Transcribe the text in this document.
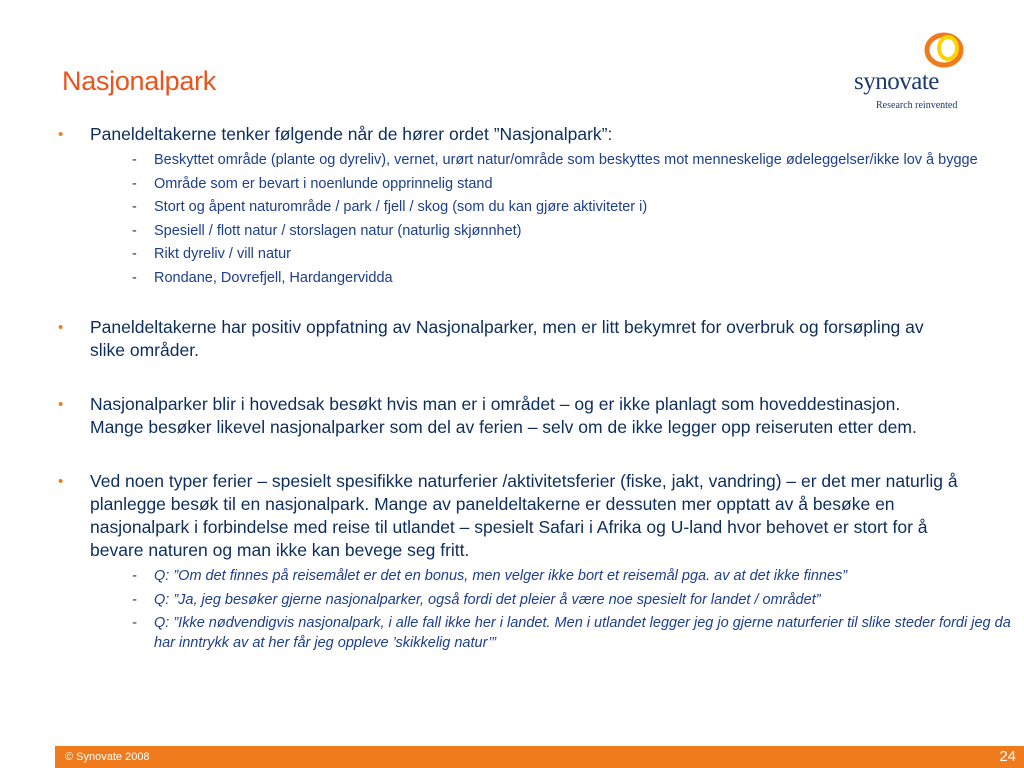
Nasjonalpark	synovate
Research reinvented
• Paneldeltakerne tenker følgende når de hører ordet ”Nasjonalpark”:
- Beskyttet område (plante og dyreliv), vernet, urørt natur/område som beskyttes mot menneskelige ødeleggelser/ikke lov å bygge
- Område som er bevart i noenlunde opprinnelig stand
- Stort og åpent naturområde / park / fjell / skog (som du kan gjøre aktiviteter i)
- Spesiell / flott natur / storslagen natur (naturlig skjønnhet)
- Rikt dyreliv / vill natur
- Rondane, Dovrefjell, Hardangervidda
• Paneldeltakerne har positiv oppfatning av Nasjonalparker, men er litt bekymret for overbruk og forsøpling av slike områder.
• Nasjonalparker blir i hovedsak besøkt hvis man er i området – og er ikke planlagt som hoveddestinasjon. Mange besøker likevel nasjonalparker som del av ferien – selv om de ikke legger opp reiseruten etter dem.
• Ved noen typer ferier – spesielt spesifikke naturferier /aktivitetsferier (fiske, jakt, vandring) – er det mer naturlig å planlegge besøk til en nasjonalpark. Mange av paneldeltakerne er dessuten mer opptatt av å besøke en nasjonalpark i forbindelse med reise til utlandet – spesielt Safari i Afrika og U-land hvor behovet er stort for å bevare naturen og man ikke kan bevege seg fritt.
- Q: ”Om det finnes på reisemålet er det en bonus, men velger ikke bort et reisemål pga. av at det ikke finnes”
- Q: ”Ja, jeg besøker gjerne nasjonalparker, også fordi det pleier å være noe spesielt for landet / området”
- Q: ”Ikke nødvendigvis nasjonalpark, i alle fall ikke her i landet. Men i utlandet legger jeg jo gjerne naturferier til slike steder fordi jeg da har inntrykk av at her får jeg oppleve ’skikkelig natur’”
© Synovate 2008	24
